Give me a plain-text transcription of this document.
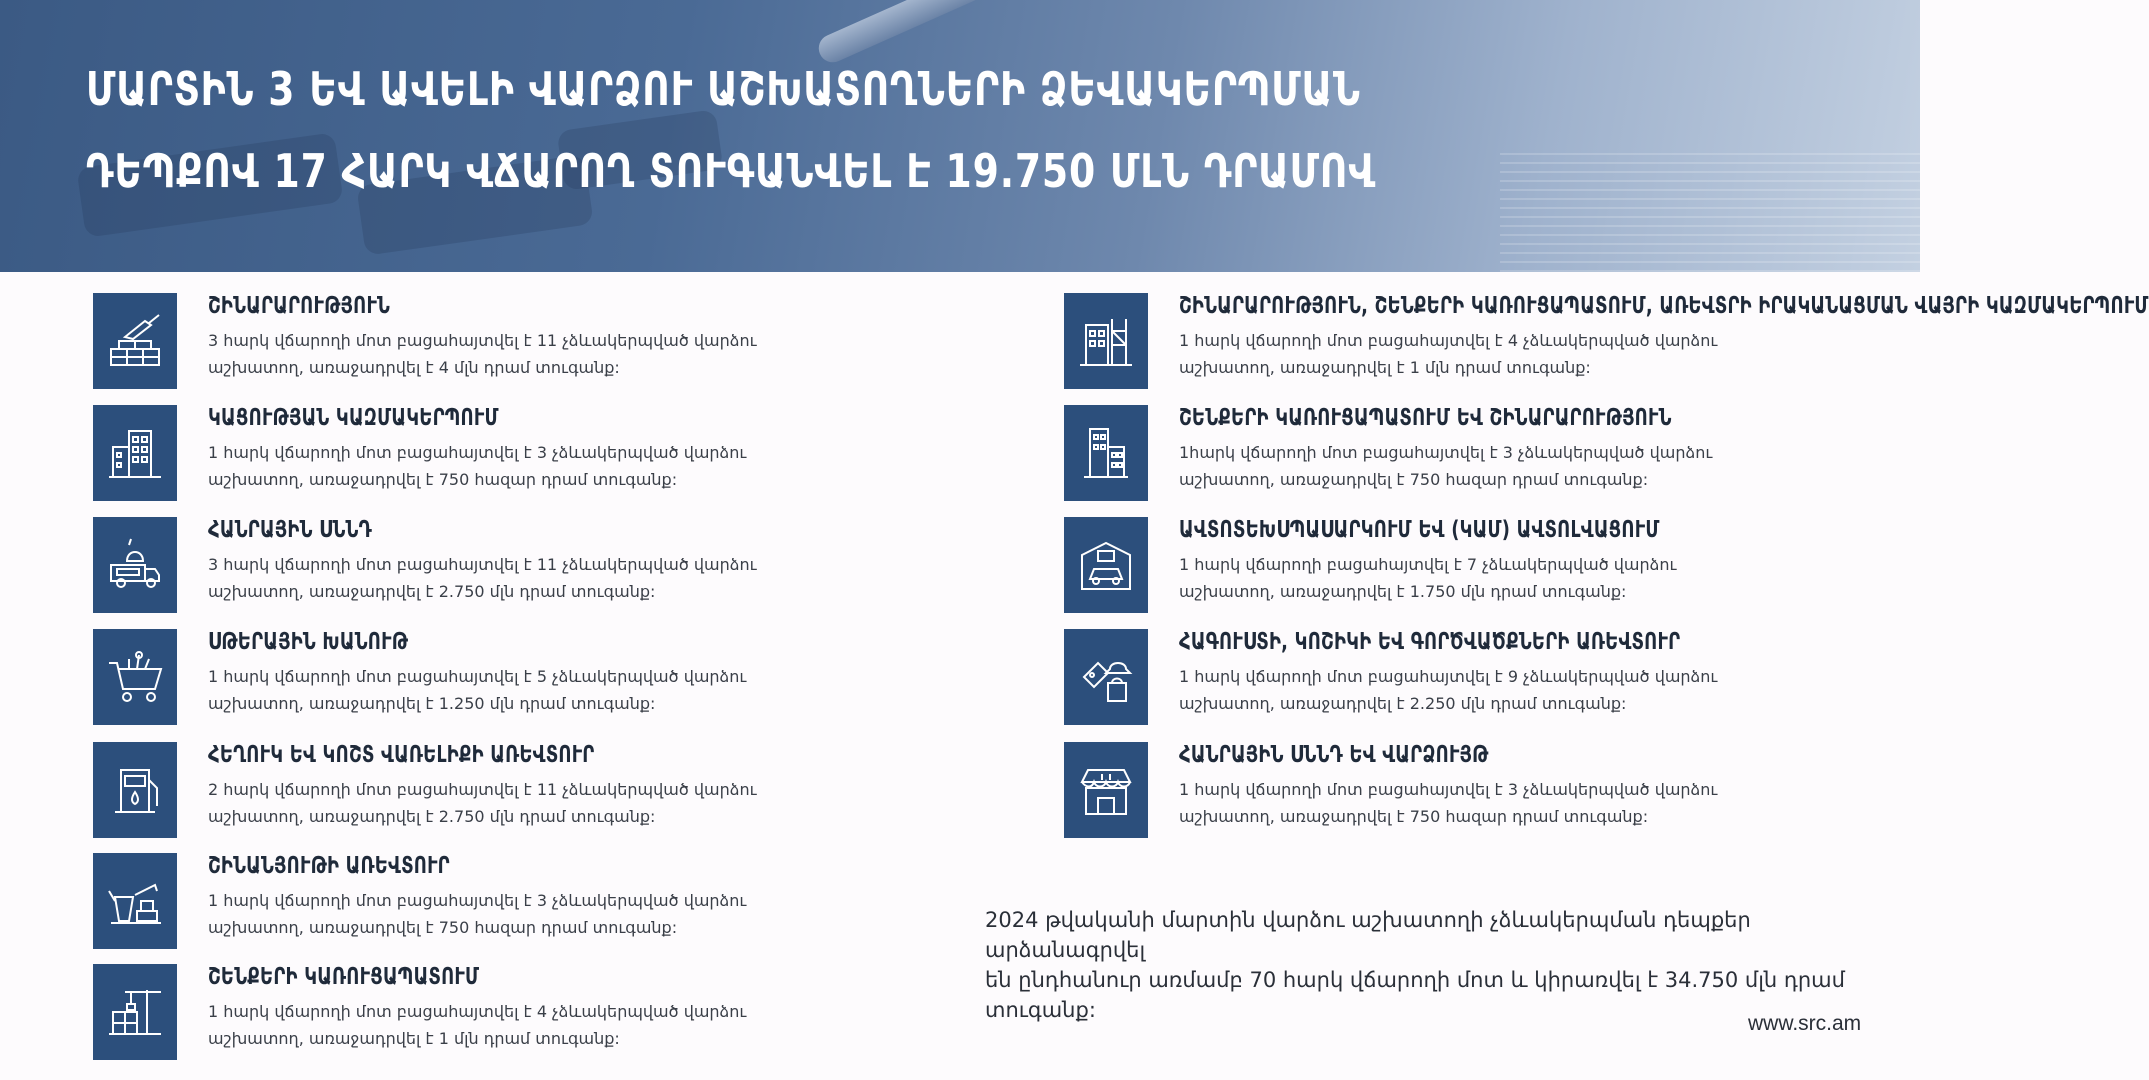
ՄԱՐՏԻՆ 3 ԵՎ ԱՎԵԼԻ ՎԱՐՁՈՒ ԱՇԽԱՏՈՂՆԵՐԻ ՁԵՎԱԿԵՐՊՄԱՆ
ԴԵՊՔՈՎ 17 ՀԱՐԿ ՎՃԱՐՈՂ ՏՈՒԳԱՆՎԵԼ Է 19.750 ՄԼՆ ԴՐԱՄՈՎ
ՇԻՆԱՐԱՐՈՒԹՅՈՒՆ
3 հարկ վճարողի մոտ բացահայտվել է 11 չձևակերպված վարձու աշխատող, առաջադրվել է 4 մլն դրամ տուգանք:
ԿԱՑՈՒԹՅԱՆ ԿԱԶՄԱԿԵՐՊՈՒՄ
1 հարկ վճարողի մոտ բացահայտվել է 3 չձևակերպված վարձու աշխատող, առաջադրվել է 750 հազար դրամ տուգանք:
ՀԱՆՐԱՅԻՆ ՍՆՆԴ
3 հարկ վճարողի մոտ բացահայտվել է 11 չձևակերպված վարձու աշխատող, առաջադրվել է 2.750 մլն դրամ տուգանք:
ՍԹԵՐԱՅԻՆ ԽԱՆՈՒԹ
1 հարկ վճարողի մոտ բացահայտվել է 5 չձևակերպված վարձու աշխատող, առաջադրվել է 1.250 մլն դրամ տուգանք:
ՀԵՂՈՒԿ ԵՎ ԿՈՇՏ ՎԱՌԵԼԻՔԻ ԱՌԵՎՏՈՒՐ
2 հարկ վճարողի մոտ բացահայտվել է 11 չձևակերպված վարձու աշխատող, առաջադրվել է 2.750 մլն դրամ տուգանք:
ՇԻՆԱՆՅՈՒԹԻ ԱՌԵՎՏՈՒՐ
1 հարկ վճարողի մոտ բացահայտվել է 3 չձևակերպված վարձու աշխատող, առաջադրվել է 750 հազար դրամ տուգանք:
ՇԵՆՔԵՐԻ ԿԱՌՈՒՑԱՊԱՏՈՒՄ
1 հարկ վճարողի մոտ բացահայտվել է 4 չձևակերպված վարձու աշխատող, առաջադրվել է 1 մլն դրամ տուգանք:
ՇԻՆԱՐԱՐՈՒԹՅՈՒՆ, ՇԵՆՔԵՐԻ ԿԱՌՈՒՑԱՊԱՏՈՒՄ, ԱՌԵՎՏՐԻ ԻՐԱԿԱՆԱՑՄԱՆ ՎԱՅՐԻ ԿԱԶՄԱԿԵՐՊՈՒՄ
1 հարկ վճարողի մոտ բացահայտվել է 4 չձևակերպված վարձու աշխատող, առաջադրվել է 1 մլն դրամ տուգանք:
ՇԵՆՔԵՐԻ ԿԱՌՈՒՑԱՊԱՏՈՒՄ ԵՎ ՇԻՆԱՐԱՐՈՒԹՅՈՒՆ
1հարկ վճարողի մոտ բացահայտվել է 3 չձևակերպված վարձու աշխատող, առաջադրվել է 750 հազար դրամ տուգանք:
ԱՎՏՈՏԵԽՍՊԱՍԱՐԿՈՒՄ ԵՎ (ԿԱՄ) ԱՎՏՈԼՎԱՑՈՒՄ
1 հարկ վճարողի բացահայտվել է 7 չձևակերպված վարձու աշխատող, առաջադրվել է 1.750 մլն դրամ տուգանք:
ՀԱԳՈՒՍՏԻ, ԿՈՇԻԿԻ ԵՎ ԳՈՐԾՎԱԾՔՆԵՐԻ ԱՌԵՎՏՈՒՐ
1 հարկ վճարողի մոտ բացահայտվել է 9 չձևակերպված վարձու աշխատող, առաջադրվել է 2.250 մլն դրամ տուգանք:
ՀԱՆՐԱՅԻՆ ՍՆՆԴ ԵՎ ՎԱՐՁՈՒՅԹ
1 հարկ վճարողի մոտ բացահայտվել է 3 չձևակերպված վարձու աշխատող, առաջադրվել է 750 հազար դրամ տուգանք:
2024 թվականի մարտին վարձու աշխատողի չձևակերպման դեպքեր արձանագրվել
են ընդհանուր առմամբ 70 հարկ վճարողի մոտ և կիրառվել է 34.750 մլն դրամ տուգանք:
www.src.am
